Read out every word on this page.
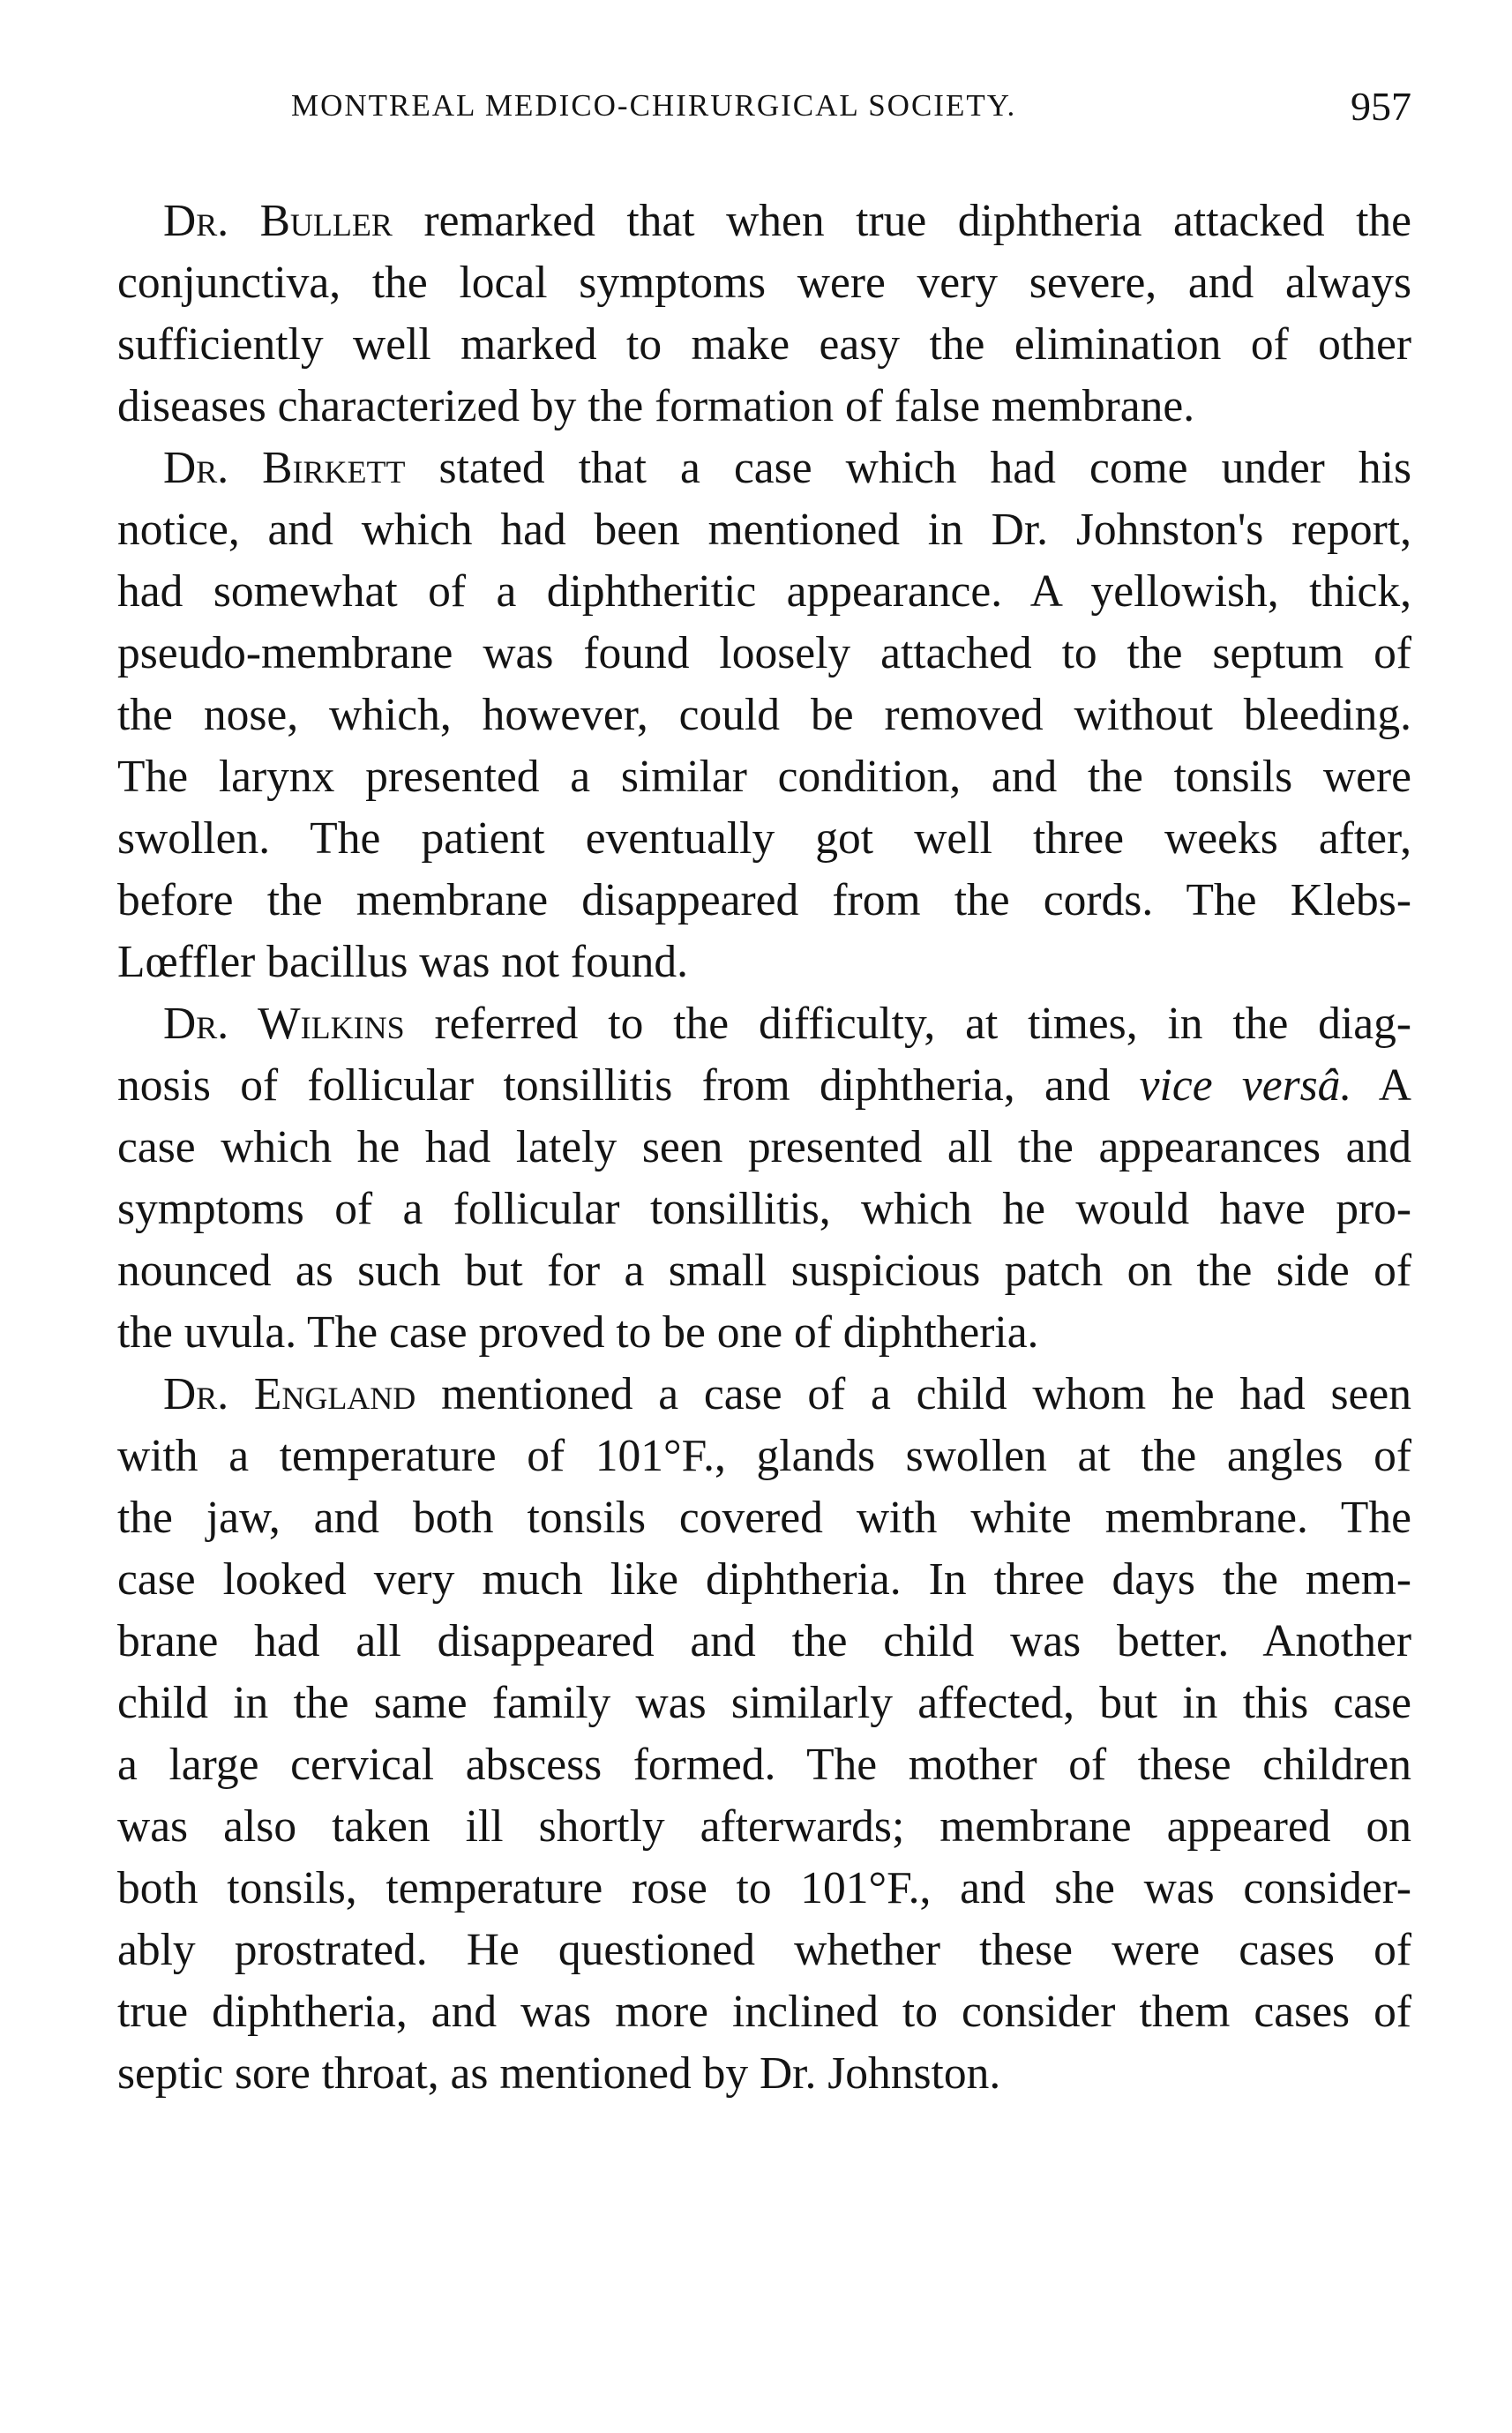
MONTREAL MEDICO-CHIRURGICAL SOCIETY.	957
Dr. Buller remarked that when true diphtheria attacked the
conjunctiva, the local symptoms were very severe, and always
sufficiently well marked to make easy the elimination of other
diseases characterized by the formation of false membrane.
Dr. Birkett stated that a case which had come under his
notice, and which had been mentioned in Dr. Johnston's report,
had somewhat of a diphtheritic appearance. A yellowish, thick,
pseudo-membrane was found loosely attached to the septum of
the nose, which, however, could be removed without bleeding.
The larynx presented a similar condition, and the tonsils were
swollen. The patient eventually got well three weeks after,
before the membrane disappeared from the cords. The Klebs-
Lœffler bacillus was not found.
Dr. Wilkins referred to the difficulty, at times, in the diag-
nosis of follicular tonsillitis from diphtheria, and vice versâ. A
case which he had lately seen presented all the appearances and
symptoms of a follicular tonsillitis, which he would have pro-
nounced as such but for a small suspicious patch on the side of
the uvula. The case proved to be one of diphtheria.
Dr. England mentioned a case of a child whom he had seen
with a temperature of 101°F., glands swollen at the angles of
the jaw, and both tonsils covered with white membrane. The
case looked very much like diphtheria. In three days the mem-
brane had all disappeared and the child was better. Another
child in the same family was similarly affected, but in this case
a large cervical abscess formed. The mother of these children
was also taken ill shortly afterwards; membrane appeared on
both tonsils, temperature rose to 101°F., and she was consider-
ably prostrated. He questioned whether these were cases of
true diphtheria, and was more inclined to consider them cases of
septic sore throat, as mentioned by Dr. Johnston.
